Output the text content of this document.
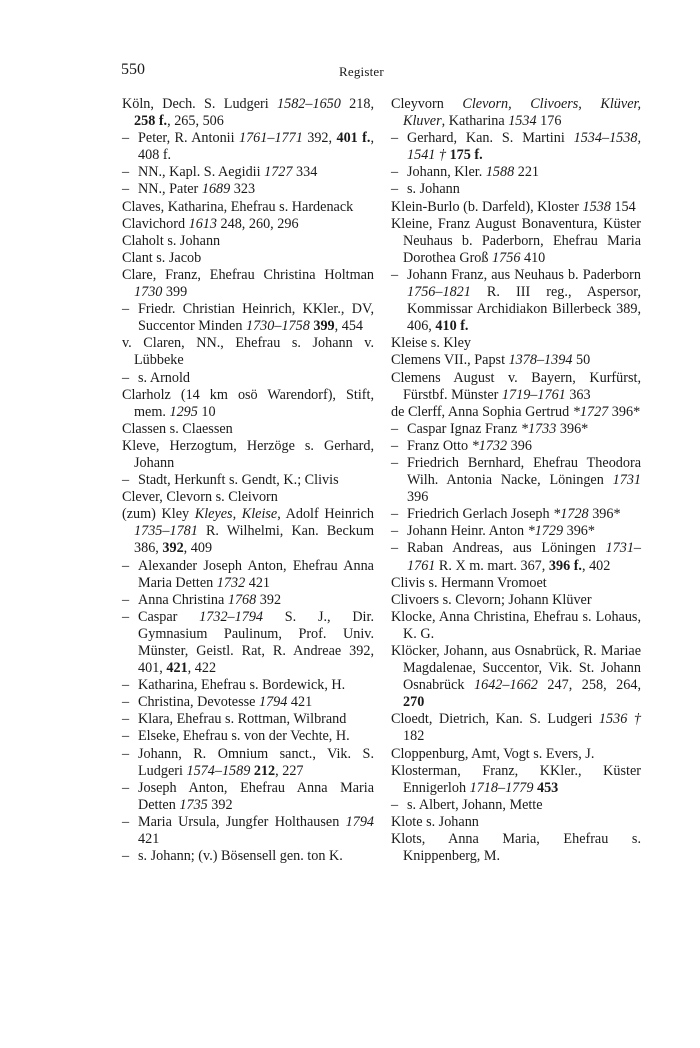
550	Register
Köln, Dech. S. Ludgeri 1582–1650 218, 258 f., 265, 506
– Peter, R. Antonii 1761–1771 392, 401 f., 408 f.
– NN., Kapl. S. Aegidii 1727 334
– NN., Pater 1689 323
Claves, Katharina, Ehefrau s. Hardenack
Clavichord 1613 248, 260, 296
Claholt s. Johann
Clant s. Jacob
Clare, Franz, Ehefrau Christina Holtman 1730 399
– Friedr. Christian Heinrich, KKler., DV, Succentor Minden 1730–1758 399, 454
v. Claren, NN., Ehefrau s. Johann v. Lübbeke
– s. Arnold
Clarholz (14 km osö Warendorf), Stift, mem. 1295 10
Classen s. Claessen
Kleve, Herzogtum, Herzöge s. Gerhard, Johann
– Stadt, Herkunft s. Gendt, K.; Clivis
Clever, Clevorn s. Cleivorn
(zum) Kley Kleyes, Kleise, Adolf Heinrich 1735–1781 R. Wilhelmi, Kan. Beckum 386, 392, 409
– Alexander Joseph Anton, Ehefrau Anna Maria Detten 1732 421
– Anna Christina 1768 392
– Caspar 1732–1794 S. J., Dir. Gymnasium Paulinum, Prof. Univ. Münster, Geistl. Rat, R. Andreae 392, 401, 421, 422
– Katharina, Ehefrau s. Bordewick, H.
– Christina, Devotesse 1794 421
– Klara, Ehefrau s. Rottman, Wilbrand
– Elseke, Ehefrau s. von der Vechte, H.
– Johann, R. Omnium sanct., Vik. S. Ludgeri 1574–1589 212, 227
– Joseph Anton, Ehefrau Anna Maria Detten 1735 392
– Maria Ursula, Jungfer Holthausen 1794 421
– s. Johann; (v.) Bösensell gen. ton K.
Cleyvorn Clevorn, Clivoers, Klüver, Kluver, Katharina 1534 176
– Gerhard, Kan. S. Martini 1534–1538, 1541 † 175 f.
– Johann, Kler. 1588 221
– s. Johann
Klein-Burlo (b. Darfeld), Kloster 1538 154
Kleine, Franz August Bonaventura, Küster Neuhaus b. Paderborn, Ehefrau Maria Dorothea Groß 1756 410
– Johann Franz, aus Neuhaus b. Paderborn 1756–1821 R. III reg., Aspersor, Kommissar Archidiakon Billerbeck 389, 406, 410 f.
Kleise s. Kley
Clemens VII., Papst 1378–1394 50
Clemens August v. Bayern, Kurfürst, Fürstbf. Münster 1719–1761 363
de Clerff, Anna Sophia Gertrud *1727 396*
– Caspar Ignaz Franz *1733 396*
– Franz Otto *1732 396
– Friedrich Bernhard, Ehefrau Theodora Wilh. Antonia Nacke, Löningen 1731 396
– Friedrich Gerlach Joseph *1728 396*
– Johann Heinr. Anton *1729 396*
– Raban Andreas, aus Löningen 1731–1761 R. X m. mart. 367, 396 f., 402
Clivis s. Hermann Vromoet
Clivoers s. Clevorn; Johann Klüver
Klocke, Anna Christina, Ehefrau s. Lohaus, K. G.
Klöcker, Johann, aus Osnabrück, R. Mariae Magdalenae, Succentor, Vik. St. Johann Osnabrück 1642–1662 247, 258, 264, 270
Cloedt, Dietrich, Kan. S. Ludgeri 1536 † 182
Cloppenburg, Amt, Vogt s. Evers, J.
Klosterman, Franz, KKler., Küster Ennigerloh 1718–1779 453
– s. Albert, Johann, Mette
Klote s. Johann
Klots, Anna Maria, Ehefrau s. Knippenberg, M.
